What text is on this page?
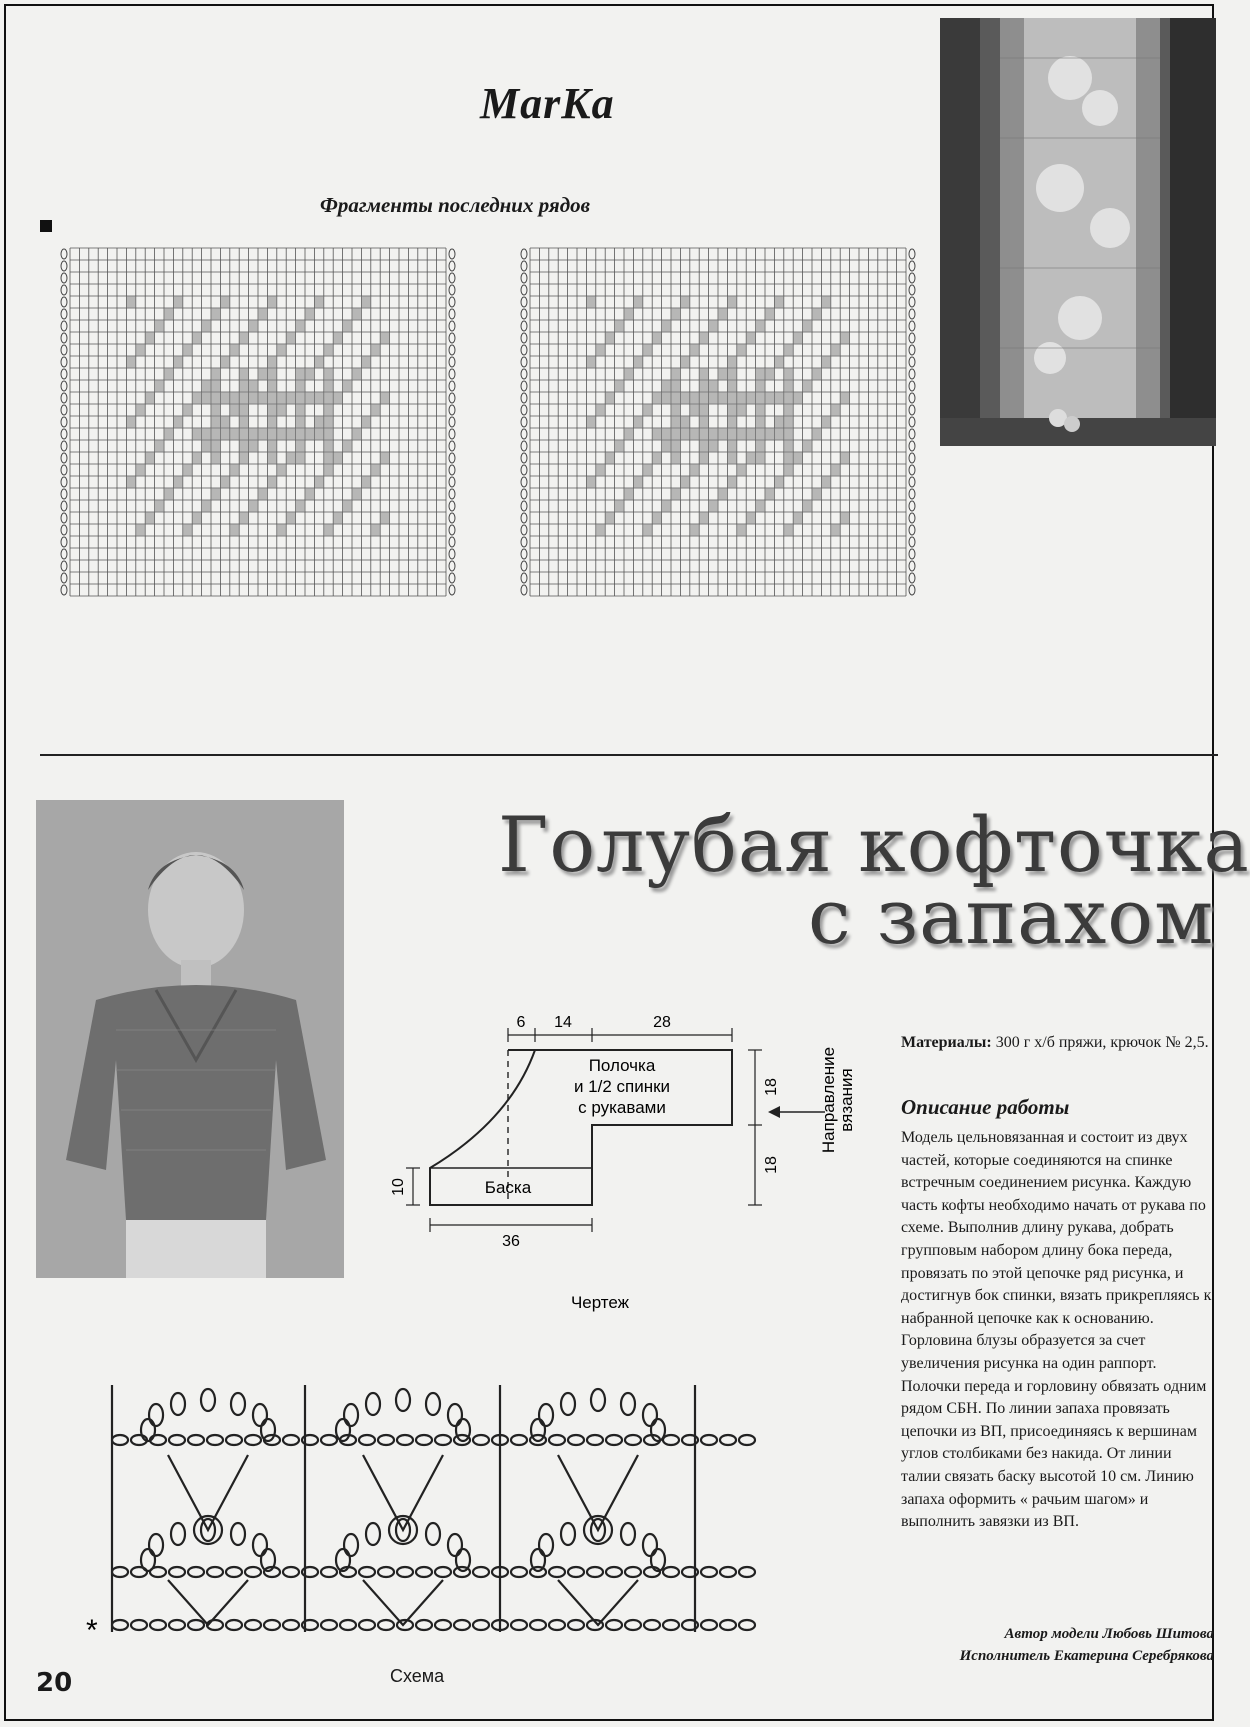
MarKa
Фрагменты последних рядов
Голубая кофточка
с запахом
6 14	28
Полочка
и 1/2 спинки
с рукавами
Баска
18
18
10
36
Направление вязания
Чертеж
Материалы: 300 г х/б пряжи, крючок № 2,5.
Описание работы
Модель цельновязанная и состоит из двух частей, которые соединяются на спинке встречным соединением рисунка. Каждую часть кофты необходимо начать от рукава по схеме. Выполнив длину рукава, добрать групповым набором длину бока переда, провязать по этой цепочке ряд рисунка, и достигнув бок спинки, вязать прикрепляясь к набранной цепочке как к основанию. Горловина блузы образуется за счет увеличения рисунка на один раппорт. Полочки переда и горловину обвязать одним рядом СБН. По линии запаха провязать цепочки из ВП, присоединяясь к вершинам углов столбиками без накида. От линии талии связать баску высотой 10 см. Линию запаха оформить « рачьим шагом» и выполнить завязки из ВП.
Автор модели Любовь Шитова
Исполнитель Екатерина Серебрякова
*
20	Схема
